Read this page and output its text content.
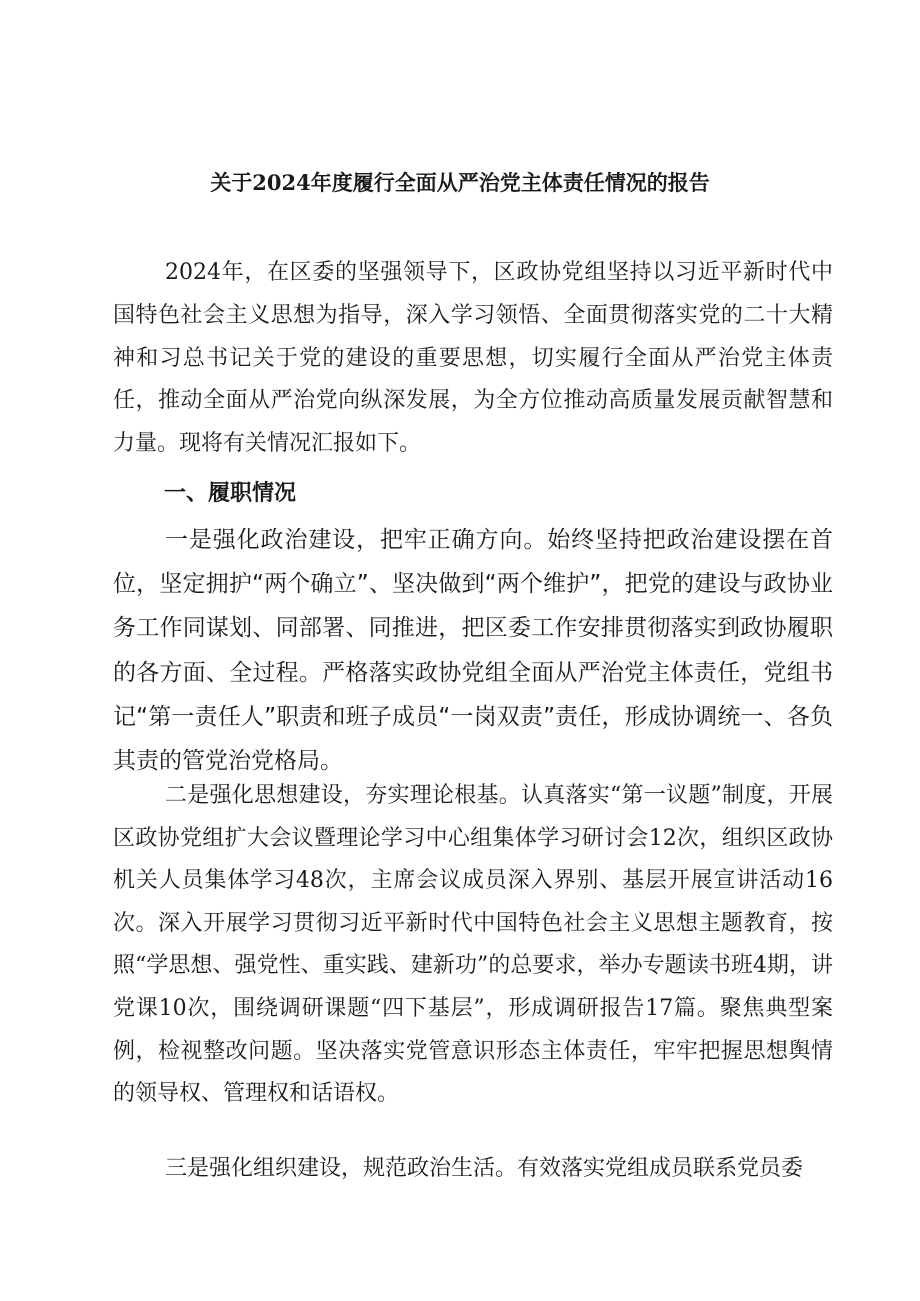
关于2024年度履行全面从严治党主体责任情况的报告

2024年，在区委的坚强领导下，区政协党组坚持以习近平新时代中国特色社会主义思想为指导，深入学习领悟、全面贯彻落实党的二十大精神和习总书记关于党的建设的重要思想，切实履行全面从严治党主体责任，推动全面从严治党向纵深发展，为全方位推动高质量发展贡献智慧和力量。现将有关情况汇报如下。

一、履职情况

一是强化政治建设，把牢正确方向。始终坚持把政治建设摆在首位，坚定拥护“两个确立”、坚决做到“两个维护”，把党的建设与政协业务工作同谋划、同部署、同推进，把区委工作安排贯彻落实到政协履职的各方面、全过程。严格落实政协党组全面从严治党主体责任，党组书记“第一责任人”职责和班子成员“一岗双责”责任，形成协调统一、各负其责的管党治党格局。

二是强化思想建设，夯实理论根基。认真落实“第一议题”制度，开展区政协党组扩大会议暨理论学习中心组集体学习研讨会12次，组织区政协机关人员集体学习48次，主席会议成员深入界别、基层开展宣讲活动16次。深入开展学习贯彻习近平新时代中国特色社会主义思想主题教育，按照“学思想、强党性、重实践、建新功”的总要求，举办专题读书班4期，讲党课10次，围绕调研课题“四下基层”，形成调研报告17篇。聚焦典型案例，检视整改问题。坚决落实党管意识形态主体责任，牢牢把握思想舆情的领导权、管理权和话语权。

三是强化组织建设，规范政治生活。有效落实党组成员联系党员委
